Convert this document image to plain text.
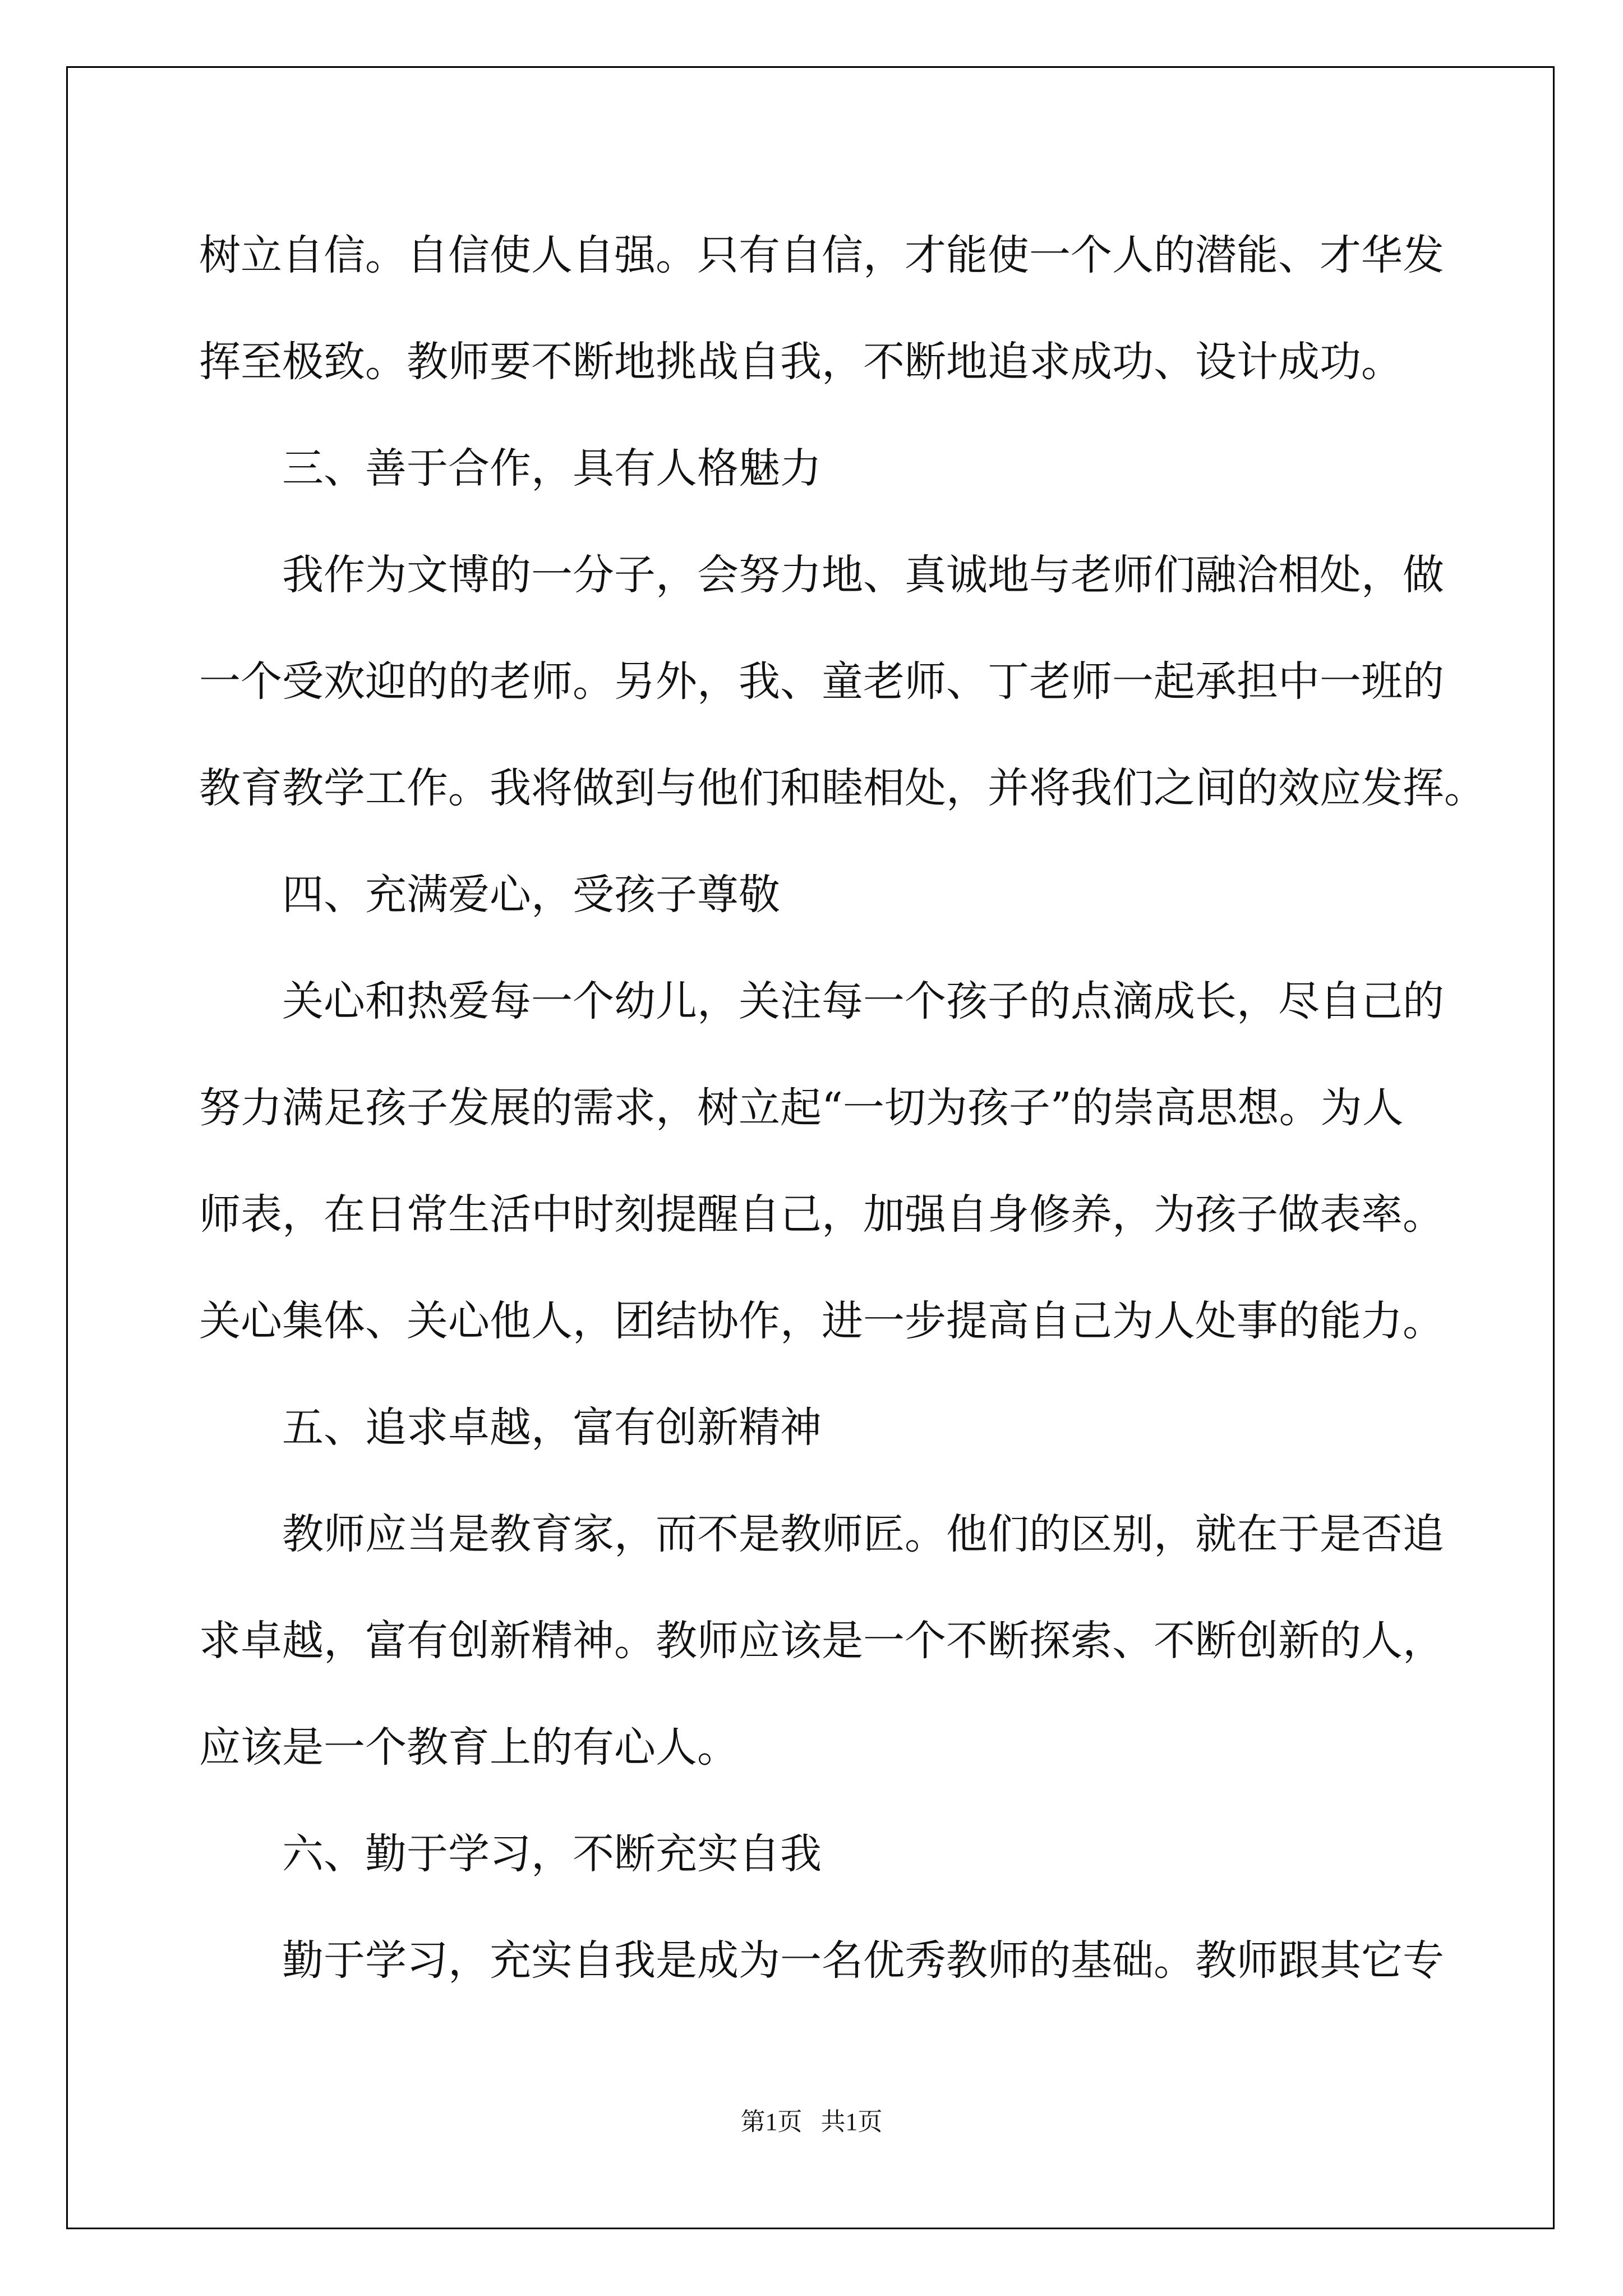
树立自信。自信使人自强。只有自信，才能使一个人的潜能、才华发
挥至极致。教师要不断地挑战自我，不断地追求成功、设计成功。
三、善于合作，具有人格魅力
我作为文博的一分子，会努力地、真诚地与老师们融洽相处，做
一个受欢迎的的老师。另外，我、童老师、丁老师一起承担中一班的
教育教学工作。我将做到与他们和睦相处，并将我们之间的效应发挥。
四、充满爱心，受孩子尊敬
关心和热爱每一个幼儿，关注每一个孩子的点滴成长，尽自己的
努力满足孩子发展的需求，树立起“一切为孩子”的崇高思想。为人
师表，在日常生活中时刻提醒自己，加强自身修养，为孩子做表率。
关心集体、关心他人，团结协作，进一步提高自己为人处事的能力。
五、追求卓越，富有创新精神
教师应当是教育家，而不是教师匠。他们的区别，就在于是否追
求卓越，富有创新精神。教师应该是一个不断探索、不断创新的人，
应该是一个教育上的有心人。
六、勤于学习，不断充实自我
勤于学习，充实自我是成为一名优秀教师的基础。教师跟其它专
第1页   共1页
